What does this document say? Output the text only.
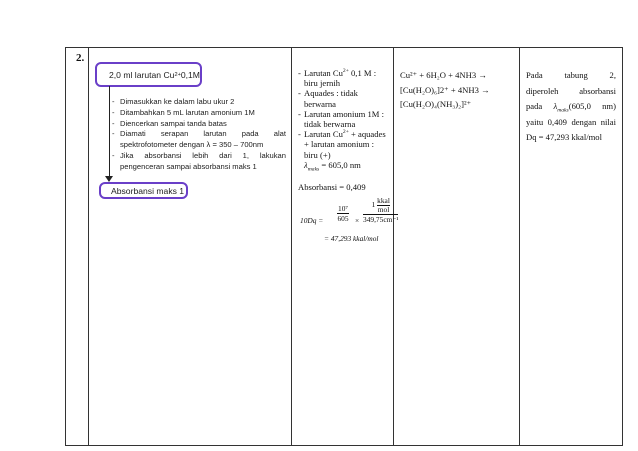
2.
2,0 ml larutan Cu 2+ 0,1M
- Dimasukkan ke dalam labu ukur 2
- Ditambahkan 5 mL larutan amonium 1M
- Diencerkan sampai tanda batas
- Diamati serapan larutan pada alat
spektrofotometer dengan λ = 350 – 700nm
- Jika absorbansi lebih dari 1, lakukan
pengenceran sampai absorbansi maks 1
Absorbansi maks 1
- Larutan $Cu^{2+}$ 0,1 M :
biru jernih
- Aquades : tidak
berwarna
- Larutan amonium 1M :
tidak berwarna
- Larutan $Cu^{2+}$ + aquades
+ larutan amonium :
biru (+)
$\lambda_{maks} = 605,0$ nm
Absorbansi = 0,409
$10Dq = \frac{\text{10⁷}}{605}$ ×
1 kkal
mol
349,75cm⁻¹
= 47,293 kkal/mol
Cu²⁺ + 6H₂O + 4NH3 →
[Cu(H₂O)₆]2⁺ + 4NH3 →
[Cu(H₂O)₄(NH₃)₂]²⁺
Pada	tabung	2,
diperoleh absorbansi
pada $\lambda_{maks}(605,0$ nm)
yaitu 0,409 dengan nilai
Dq = 47,293 kkal/mol
